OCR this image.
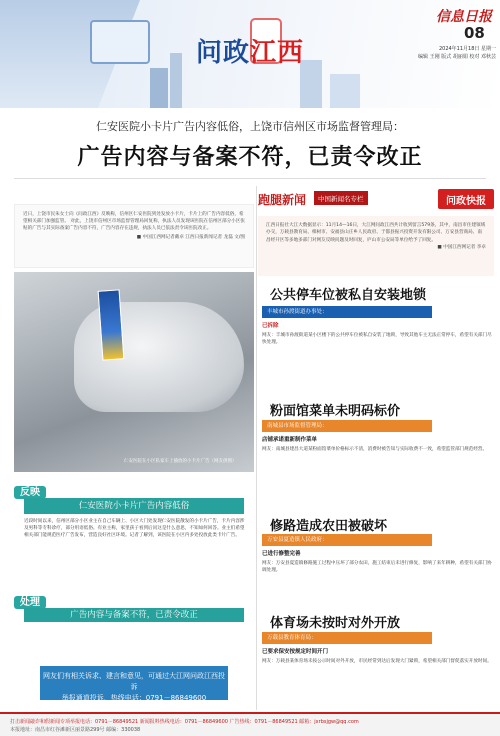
问政江西
信息日报
08
2024年11月18日 星期一
编辑 王刚 版式 胡丽娟 校对 邓秋芸
仁安医院小卡片广告内容低俗，上饶市信州区市场监督管理局：
广告内容与备案不符，已责令改正
近日，上饶市民朱女士向《问政江西》反映称，信州区仁安医院到处发放小卡片，卡片上的广告内容低俗，希望相关部门加强监管。 对此，上饶市信州区市场监督管理局回复称，执法人员发现该医院在信州区部分小区张贴的广告与其实际备案广告内容不符，广告内容存在违规，执法人员已依法责令该医院改正。
■ 中国江西网记者戴卓 江西日报新闻记者 龙磊 文/图
仁安医院在小区私家车上插放的小卡片广告（网友供图）
反映
仁安医院小卡片广告内容低俗
近段时间以来，信州区部分小区业主在自己车辆上、小区大门处发现仁安医院散发的小卡片广告，卡片内容涉及男科等专科诊疗，部分用语低俗。有业主称，家里孩子看到后问这是什么意思，不知如何回答。业主们希望相关部门能规范医疗广告发布，营造良好社区环境。记者了解到，该医院在小区内多处投放此类卡片广告。
处理
广告内容与备案不符，已责令改正
网友们有相关诉求、建言和意见，可通过大江网问政江西投诉
举报通道投诉，热线电话：0791－86849600
跑腿新闻	中国新闻名专栏	问政快报
江西日报社大江大数据显示：11月14—16日，大江网问政江西共计收到留言579条，其中，南昌市住建领域办交，万载县教育局、樟树市、安福县山庄乡人民政府、于都县振兴投资开发有限公司、万安县营商局、南昌经开区等多地多部门对网友反映问题及时回复，庐山市公安局等单位给予了回复。
■ 中国江西网记者 李卓
公共停车位被私自安装地锁
丰城市孙渡街道办事处：
已拆除
网友：丰城市孙渡街道某小区楼下的公共停车位被私自安装了地锁，导致其他车主无法正常停车，希望有关部门尽快处理。
粉面馆菜单未明码标价
南城县市场监督管理局：
店铺承诺重新制作菜单
网友：南城县建昌大道某粉面馆菜单价格标示不清，消费时被告知与实际收费不一致，希望监管部门规范经营。
修路造成农田被破坏
万安县夏造镇人民政府：
已进行修整完善
网友：万安县夏造镇修路施工过程中压坏了部分农田，施工结束后未进行修复，影响了来年耕种，希望有关部门协调处理。
体育场未按时对外开放
万载县教育体育局：
已要求保安按规定时间开门
网友：万载县某体育场未按公示时间对外开放，市民经常到达后发现大门紧锁，希望相关部门督促落实开放时间。
打击新闻敲诈和假新闻专项举报电话：0791－86849521 新闻报料热线电话：0791－86849600 广告热线：0791－86849521 邮箱：jxrbsjgw@qq.com
本报地址：南昌市红谷滩新区丽景路299号 邮编：330038
